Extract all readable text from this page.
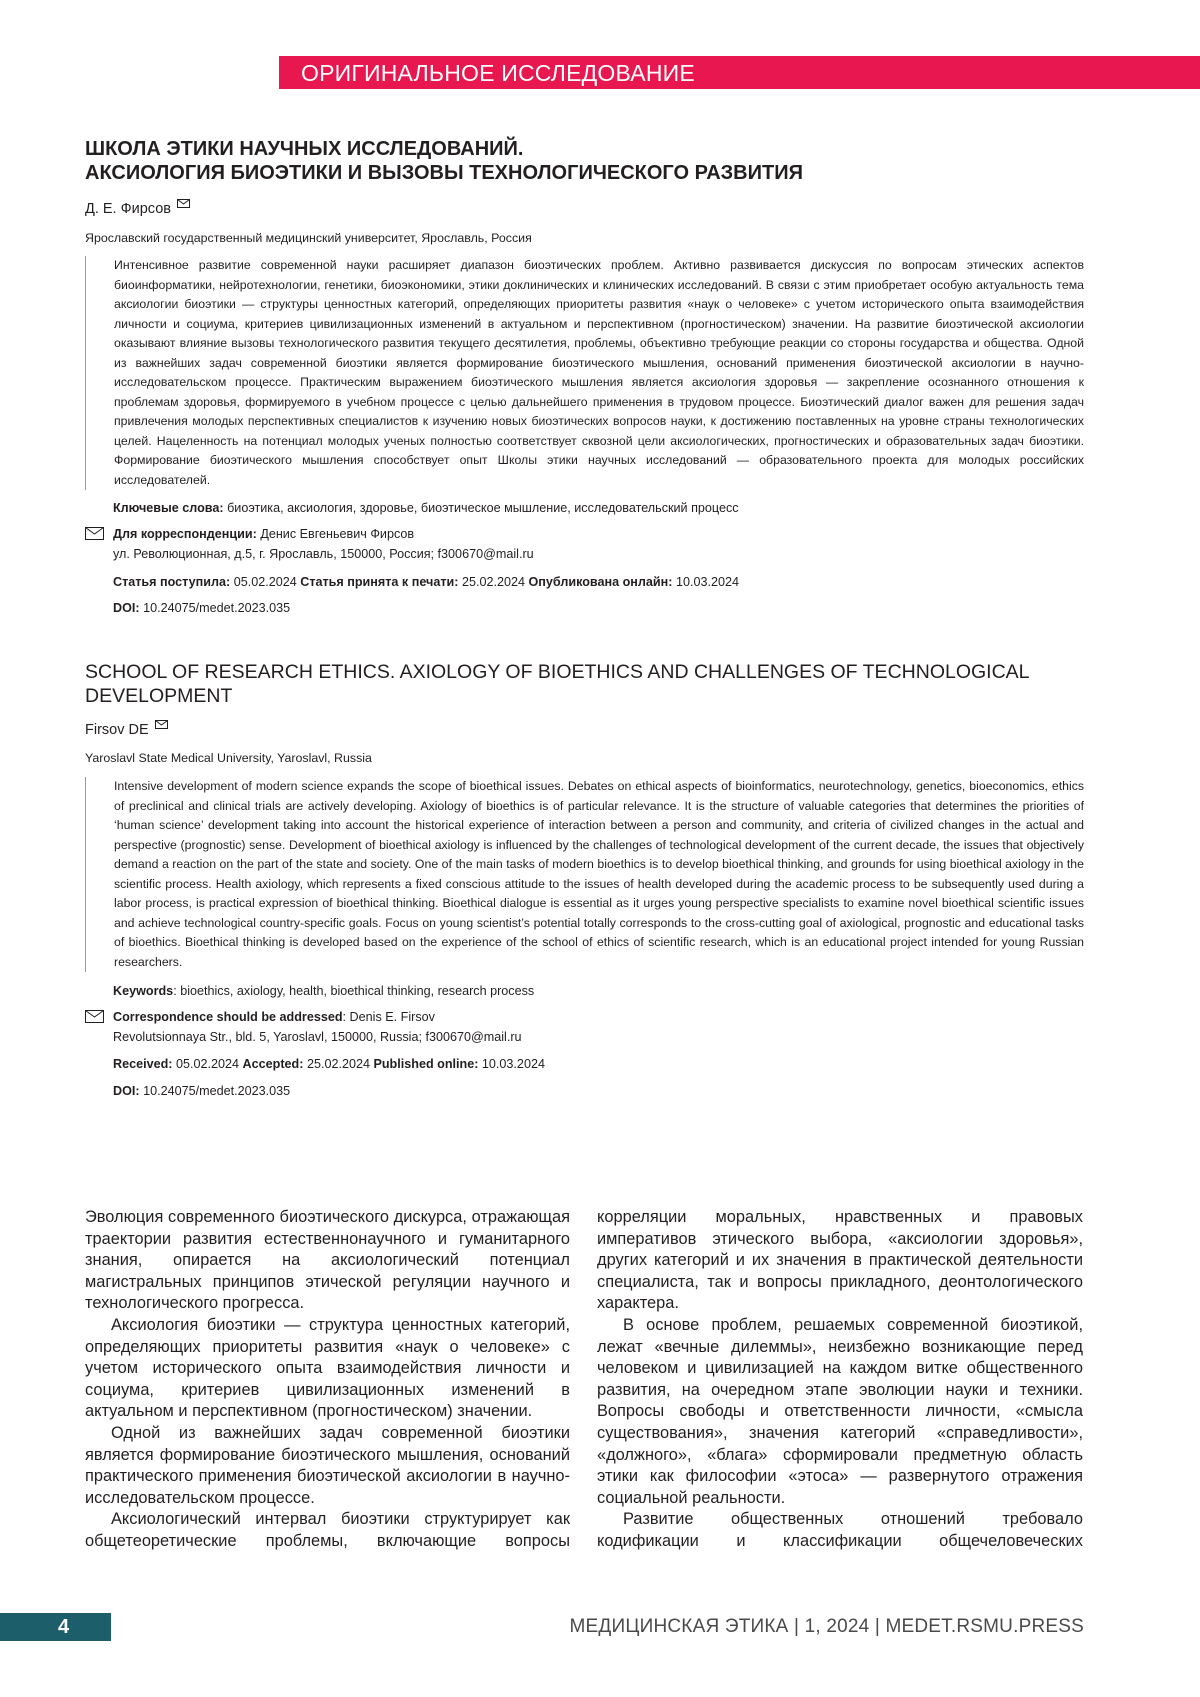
ОРИГИНАЛЬНОЕ ИССЛЕДОВАНИЕ
ШКОЛА ЭТИКИ НАУЧНЫХ ИССЛЕДОВАНИЙ.
АКСИОЛОГИЯ БИОЭТИКИ И ВЫЗОВЫ ТЕХНОЛОГИЧЕСКОГО РАЗВИТИЯ
Д. Е. Фирсов
Ярославский государственный медицинский университет, Ярославль, Россия

Интенсивное развитие современной науки расширяет диапазон биоэтических проблем. Активно развивается дискуссия по вопросам этических аспектов биоинформатики, нейротехнологии, генетики, биоэкономики, этики доклинических и клинических исследований. В связи с этим приобретает особую актуальность тема аксиологии биоэтики — структуры ценностных категорий, определяющих приоритеты развития «наук о человеке» с учетом исторического опыта взаимодействия личности и социума, критериев цивилизационных изменений в актуальном и перспективном (прогностическом) значении. На развитие биоэтической аксиологии оказывают влияние вызовы технологического развития текущего десятилетия, проблемы, объективно требующие реакции со стороны государства и общества. Одной из важнейших задач современной биоэтики является формирование биоэтического мышления, оснований применения биоэтической аксиологии в научно-исследовательском процессе. Практическим выражением биоэтического мышления является аксиология здоровья — закрепление осознанного отношения к проблемам здоровья, формируемого в учебном процессе с целью дальнейшего применения в трудовом процессе. Биоэтический диалог важен для решения задач привлечения молодых перспективных специалистов к изучению новых биоэтических вопросов науки, к достижению поставленных на уровне страны технологических целей. Нацеленность на потенциал молодых ученых полностью соответствует сквозной цели аксиологических, прогностических и образовательных задач биоэтики. Формирование биоэтического мышления способствует опыт Школы этики научных исследований — образовательного проекта для молодых российских исследователей.

Ключевые слова: биоэтика, аксиология, здоровье, биоэтическое мышление, исследовательский процесс
Для корреспонденции: Денис Евгеньевич Фирсов
ул. Революционная, д.5, г. Ярославль, 150000, Россия; f300670@mail.ru
Статья поступила: 05.02.2024 Статья принята к печати: 25.02.2024 Опубликована онлайн: 10.03.2024
DOI: 10.24075/medet.2023.035
SCHOOL OF RESEARCH ETHICS. AXIOLOGY OF BIOETHICS AND CHALLENGES OF TECHNOLOGICAL
DEVELOPMENT
Firsov DE
Yaroslavl State Medical University, Yaroslavl, Russia

Intensive development of modern science expands the scope of bioethical issues. Debates on ethical aspects of bioinformatics, neurotechnology, genetics, bioeconomics, ethics of preclinical and clinical trials are actively developing. Axiology of bioethics is of particular relevance. It is the structure of valuable categories that determines the priorities of ‘human science’ development taking into account the historical experience of interaction between a person and community, and criteria of civilized changes in the actual and perspective (prognostic) sense. Development of bioethical axiology is influenced by the challenges of technological development of the current decade, the issues that objectively demand a reaction on the part of the state and society. One of the main tasks of modern bioethics is to develop bioethical thinking, and grounds for using bioethical axiology in the scientific process. Health axiology, which represents a fixed conscious attitude to the issues of health developed during the academic process to be subsequently used during a labor process, is practical expression of bioethical thinking. Bioethical dialogue is essential as it urges young perspective specialists to examine novel bioethical scientific issues and achieve technological country-specific goals. Focus on young scientist’s potential totally corresponds to the cross-cutting goal of axiological, prognostic and educational tasks of bioethics. Bioethical thinking is developed based on the experience of the school of ethics of scientific research, which is an educational project intended for young Russian researchers.

Keywords: bioethics, axiology, health, bioethical thinking, research process
Correspondence should be addressed: Denis E. Firsov
Revolutsionnaya Str., bld. 5, Yaroslavl, 150000, Russia; f300670@mail.ru
Received: 05.02.2024 Accepted: 25.02.2024 Published online: 10.03.2024
DOI: 10.24075/medet.2023.035

Эволюция современного биоэтического дискурса, отражающая траектории развития естественнонаучного и гуманитарного знания, опирается на аксиологический потенциал магистральных принципов этической регуляции научного и технологического прогресса.

Аксиология биоэтики — структура ценностных категорий, определяющих приоритеты развития «наук о человеке» с учетом исторического опыта взаимодействия личности и социума, критериев цивилизационных изменений в актуальном и перспективном (прогностическом) значении.

Одной из важнейших задач современной биоэтики является формирование биоэтического мышления, оснований практического применения биоэтической аксиологии в научно-исследовательском процессе.

Аксиологический интервал биоэтики структурирует как общетеоретические проблемы, включающие вопросы

корреляции моральных, нравственных и правовых императивов этического выбора, «аксиологии здоровья», других категорий и их значения в практической деятельности специалиста, так и вопросы прикладного, деонтологического характера.

В основе проблем, решаемых современной биоэтикой, лежат «вечные дилеммы», неизбежно возникающие перед человеком и цивилизацией на каждом витке общественного развития, на очередном этапе эволюции науки и техники. Вопросы свободы и ответственности личности, «смысла существования», значения категорий «справедливости», «должного», «блага» сформировали предметную область этики как философии «этоса» — развернутого отражения социальной реальности.

Развитие общественных отношений требовало кодификации и классификации общечеловеческих

4	МЕДИЦИНСКАЯ ЭТИКА | 1, 2024 | MEDET.RSMU.PRESS
